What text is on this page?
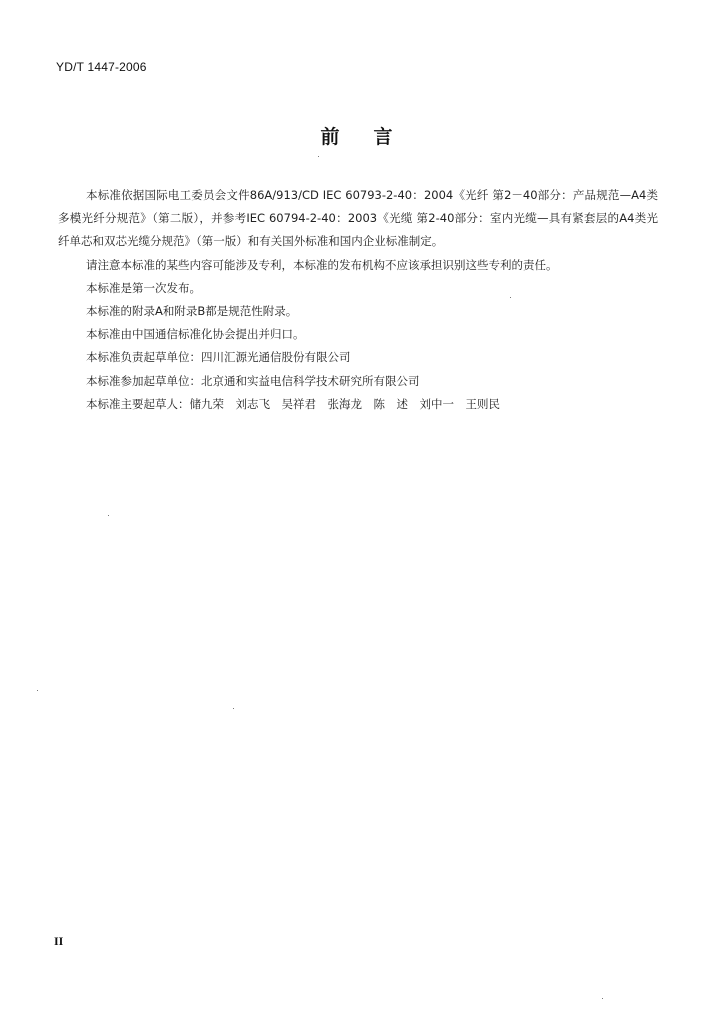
YD/T 1447-2006
前言

本标准依据国际电工委员会文件86A/913/CD IEC 60793-2-40：2004《光纤 第2－40部分：产品规范—A4类多模光纤分规范》（第二版），并参考IEC 60794-2-40：2003《光缆 第2-40部分：室内光缆—具有紧套层的A4类光纤单芯和双芯光缆分规范》（第一版）和有关国外标准和国内企业标准制定。

请注意本标准的某些内容可能涉及专利，本标准的发布机构不应该承担识别这些专利的责任。

本标准是第一次发布。

本标准的附录A和附录B都是规范性附录。

本标准由中国通信标准化协会提出并归口。

本标准负责起草单位：四川汇源光通信股份有限公司

本标准参加起草单位：北京通和实益电信科学技术研究所有限公司

本标准主要起草人：储九荣　刘志飞　吴祥君　张海龙　陈　述　刘中一　王则民

II
